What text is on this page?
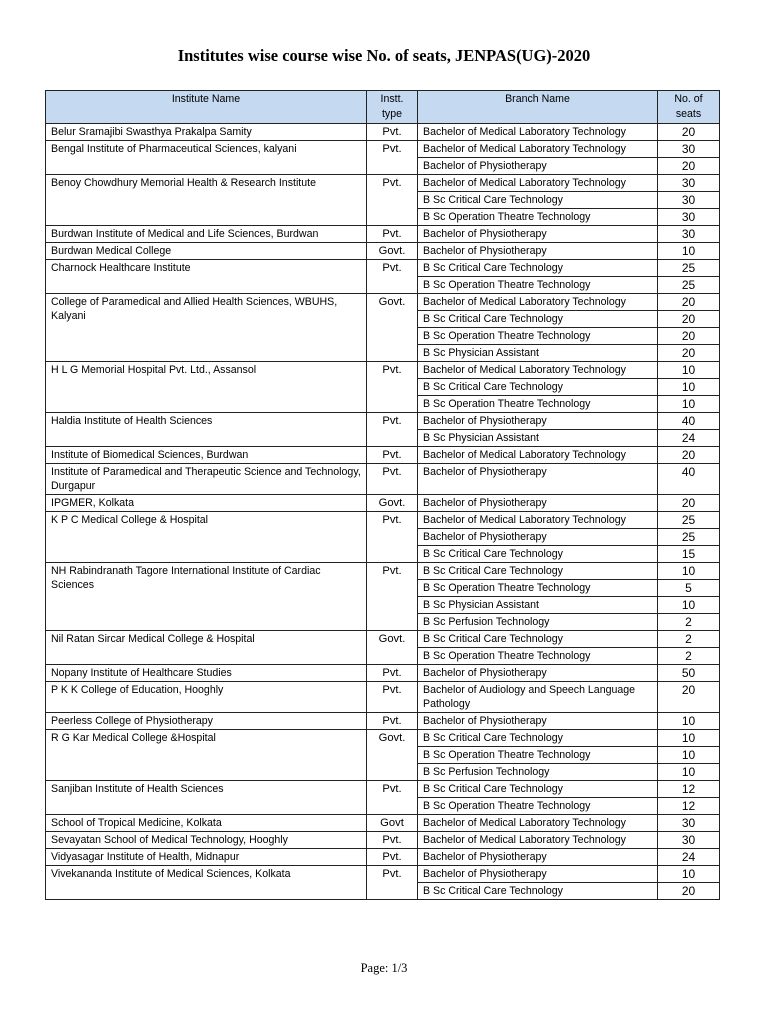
Institutes wise course wise No. of seats, JENPAS(UG)-2020
Institute Name	Instt. type	Branch Name	No. of seats
Belur Sramajibi Swasthya Prakalpa Samity	Pvt.	Bachelor of Medical Laboratory Technology	20
Bengal Institute of Pharmaceutical Sciences, kalyani	Pvt.	Bachelor of Medical Laboratory Technology	30
		Bachelor of Physiotherapy	20
Benoy Chowdhury Memorial Health & Research Institute	Pvt.	Bachelor of Medical Laboratory Technology	30
		B Sc Critical Care Technology	30
		B Sc Operation Theatre Technology	30
Burdwan Institute of Medical and Life Sciences, Burdwan	Pvt.	Bachelor of Physiotherapy	30
Burdwan Medical College	Govt.	Bachelor of Physiotherapy	10
Charnock Healthcare Institute	Pvt.	B Sc Critical Care Technology	25
		B Sc Operation Theatre Technology	25
College of Paramedical and Allied Health Sciences, WBUHS, Kalyani	Govt.	Bachelor of Medical Laboratory Technology	20
		B Sc Critical Care Technology	20
		B Sc Operation Theatre Technology	20
		B Sc Physician Assistant	20
H L G Memorial Hospital Pvt. Ltd., Assansol	Pvt.	Bachelor of Medical Laboratory Technology	10
		B Sc Critical Care Technology	10
		B Sc Operation Theatre Technology	10
Haldia Institute of Health Sciences	Pvt.	Bachelor of Physiotherapy	40
		B Sc Physician Assistant	24
Institute of Biomedical Sciences, Burdwan	Pvt.	Bachelor of Medical Laboratory Technology	20
Institute of Paramedical and Therapeutic Science and Technology, Durgapur	Pvt.	Bachelor of Physiotherapy	40
IPGMER, Kolkata	Govt.	Bachelor of Physiotherapy	20
K P C Medical College & Hospital	Pvt.	Bachelor of Medical Laboratory Technology	25
		Bachelor of Physiotherapy	25
		B Sc Critical Care Technology	15
NH Rabindranath Tagore International Institute of Cardiac Sciences	Pvt.	B Sc Critical Care Technology	10
		B Sc Operation Theatre Technology	5
		B Sc Physician Assistant	10
		B Sc Perfusion Technology	2
Nil Ratan Sircar Medical College & Hospital	Govt.	B Sc Critical Care Technology	2
		B Sc Operation Theatre Technology	2
Nopany Institute of Healthcare Studies	Pvt.	Bachelor of Physiotherapy	50
P K K College of Education, Hooghly	Pvt.	Bachelor of Audiology and Speech Language Pathology	20
Peerless College of Physiotherapy	Pvt.	Bachelor of Physiotherapy	10
R G Kar Medical College &Hospital	Govt.	B Sc Critical Care Technology	10
		B Sc Operation Theatre Technology	10
		B Sc Perfusion Technology	10
Sanjiban Institute of Health Sciences	Pvt.	B Sc Critical Care Technology	12
		B Sc Operation Theatre Technology	12
School of Tropical Medicine, Kolkata	Govt	Bachelor of Medical Laboratory Technology	30
Sevayatan School of Medical Technology, Hooghly	Pvt.	Bachelor of Medical Laboratory Technology	30
Vidyasagar Institute of Health, Midnapur	Pvt.	Bachelor of Physiotherapy	24
Vivekananda Institute of Medical Sciences, Kolkata	Pvt.	Bachelor of Physiotherapy	10
		B Sc Critical Care Technology	20
Page: 1/3
